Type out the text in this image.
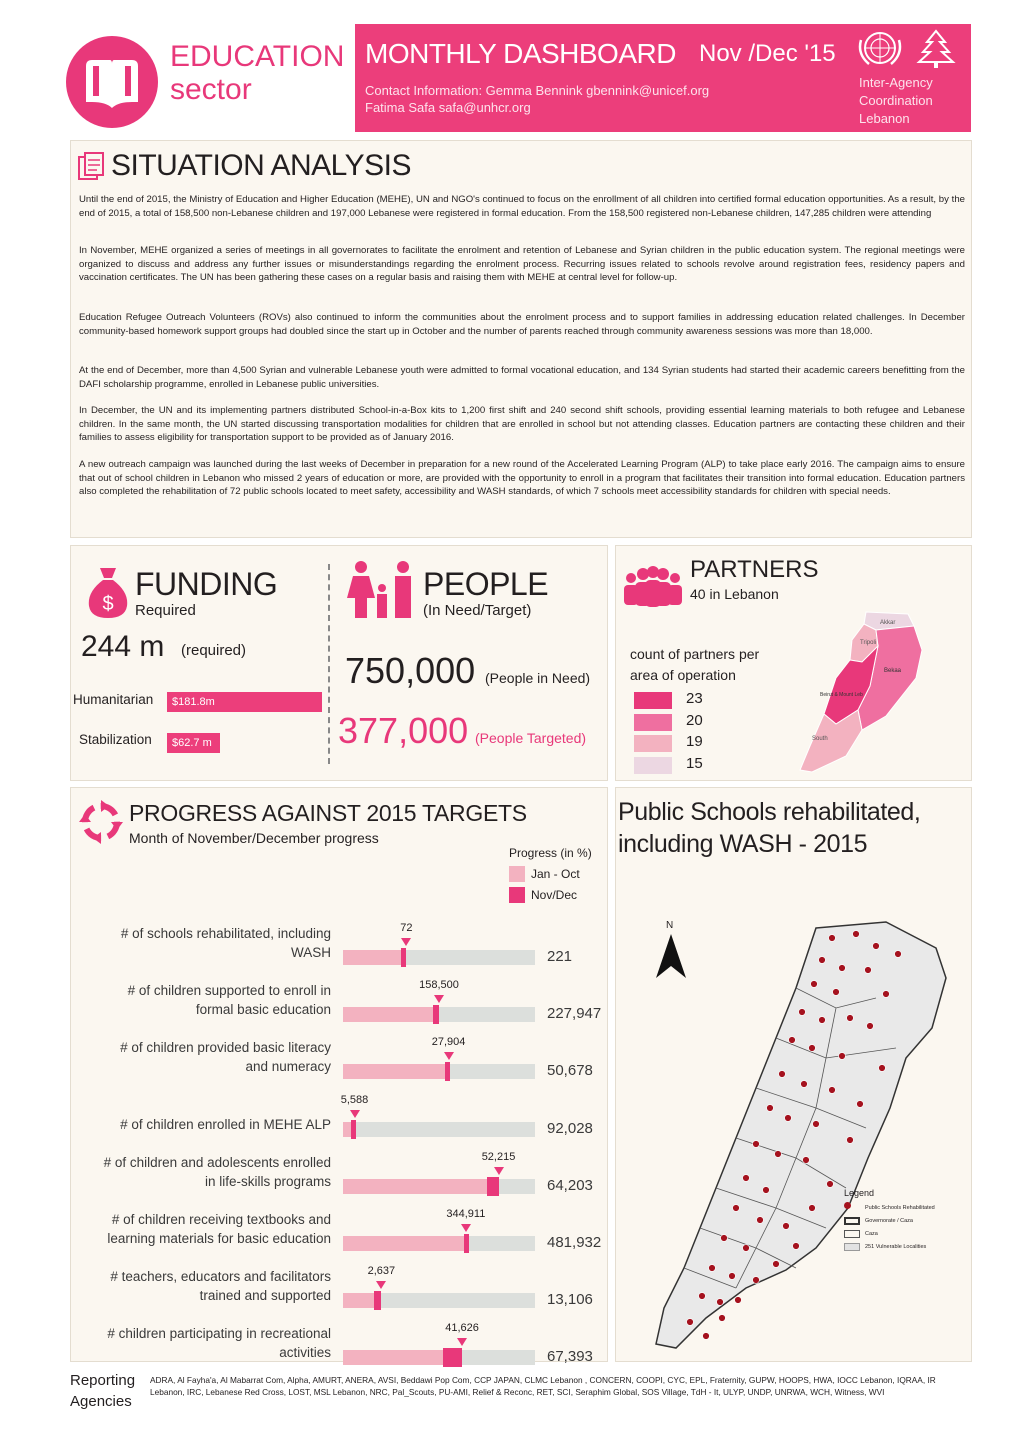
EDUCATION
sector
MONTHLY DASHBOARD Nov /Dec '15
Contact Information: Gemma Bennink gbennink@unicef.org
Fatima Safa safa@unhcr.org
Inter-Agency
Coordination
Lebanon
SITUATION ANALYSIS

Until the end of 2015, the Ministry of Education and Higher Education (MEHE), UN and NGO's continued to focus on the enrollment of all children into certified formal education opportunities. As a result, by the end of 2015, a total of 158,500 non-Lebanese children and 197,000 Lebanese were registered in formal education. From the 158,500 registered non-Lebanese children, 147,285 children were attending

In November, MEHE organized a series of meetings in all governorates to facilitate the enrolment and retention of Lebanese and Syrian children in the public education system. The regional meetings were organized to discuss and address any further issues or misunderstandings regarding the enrolment process. Recurring issues related to schools revolve around registration fees, residency papers and vaccination certificates. The UN has been gathering these cases on a regular basis and raising them with MEHE at central level for follow-up.

Education Refugee Outreach Volunteers (ROVs) also continued to inform the communities about the enrolment process and to support families in addressing education related challenges. In December community-based homework support groups had doubled since the start up in October and the number of parents reached through community awareness sessions was more than 18,000.

At the end of December, more than 4,500 Syrian and vulnerable Lebanese youth were admitted to formal vocational education, and 134 Syrian students had started their academic careers benefitting from the DAFI scholarship programme, enrolled in Lebanese public universities.

In December, the UN and its implementing partners distributed School-in-a-Box kits to 1,200 first shift and 240 second shift schools, providing essential learning materials to both refugee and Lebanese children. In the same month, the UN started discussing transportation modalities for children that are enrolled in school but not attending classes. Education partners are contacting these children and their families to assess eligibility for transportation support to be provided as of January 2016.

A new outreach campaign was launched during the last weeks of December in preparation for a new round of the Accelerated Learning Program (ALP) to take place early 2016. The campaign aims to ensure that out of school children in Lebanon who missed 2 years of education or more, are provided with the opportunity to enroll in a program that facilitates their transition into formal education. Education partners also completed the rehabilitation of 72 public schools located to meet safety, accessibility and WASH standards, of which 7 schools meet accessibility standards for children with special needs.

$
FUNDING
Required
244 m (required)
Humanitarian	$181.8m
Stabilization	$62.7 m
PEOPLE
(In Need/Target)
750,000 (People in Need)
377,000 (People Targeted)
PARTNERS
40 in Lebanon
count of partners per
area of operation
23
20
19
15
Akkar
Tripoli
Bekaa
Beirut & Mount Leb
South
PROGRESS AGAINST 2015 TARGETS
Month of November/December progress
Progress (in %)
Jan - Oct
Nov/Dec
# of schools rehabilitated, including
WASH
72
221
# of children supported to enroll in
formal basic education
158,500
227,947
# of children provided basic literacy
and numeracy
27,904
50,678
# of children enrolled in MEHE ALP
5,588
92,028
# of children and adolescents enrolled
in life-skills programs
52,215
64,203
# of children receiving textbooks and
learning materials for basic education
344,911
481,932
# teachers, educators and facilitators
trained and supported
2,637
13,106
# children participating in recreational
activities
41,626
67,393
Public Schools rehabilitated,
including WASH - 2015
N
Legend
Public Schools Rehabilitated
Governorate / Caza
Caza
251 Vulnerable Localities
Reporting
Agencies
ADRA, Al Fayha'a, Al Mabarrat Com, Alpha, AMURT, ANERA, AVSI, Beddawi Pop Com, CCP JAPAN, CLMC Lebanon , CONCERN, COOPI, CYC, EPL, Fraternity, GUPW, HOOPS, HWA, IOCC Lebanon, IQRAA, IR Lebanon, IRC, Lebanese Red Cross, LOST, MSL Lebanon, NRC, Pal_Scouts, PU-AMI, Relief & Reconc, RET, SCI, Seraphim Global, SOS Village, TdH - It, ULYP, UNDP, UNRWA, WCH, Witness, WVI
